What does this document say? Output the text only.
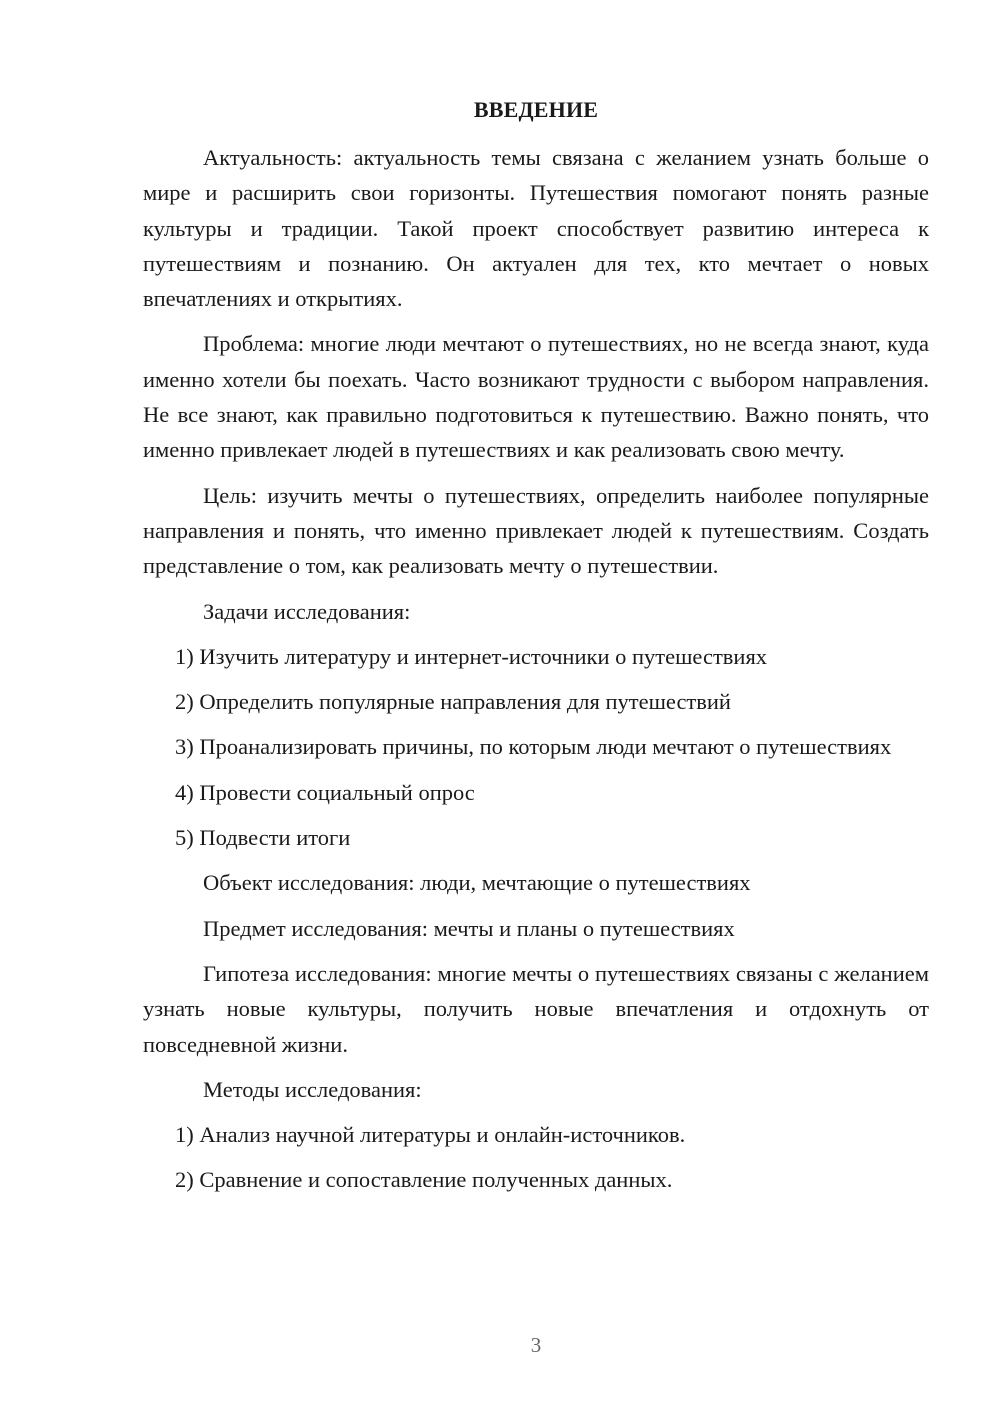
ВВЕДЕНИЕ

Актуальность: актуальность темы связана с желанием узнать больше о мире и расширить свои горизонты. Путешествия помогают понять разные культуры и традиции. Такой проект способствует развитию интереса к путешествиям и познанию. Он актуален для тех, кто мечтает о новых впечатлениях и открытиях.

Проблема: многие люди мечтают о путешествиях, но не всегда знают, куда именно хотели бы поехать. Часто возникают трудности с выбором направления. Не все знают, как правильно подготовиться к путешествию. Важно понять, что именно привлекает людей в путешествиях и как реализовать свою мечту.

Цель: изучить мечты о путешествиях, определить наиболее популярные направления и понять, что именно привлекает людей к путешествиям. Создать представление о том, как реализовать мечту о путешествии.

Задачи исследования:
1) Изучить литературу и интернет-источники о путешествиях
2) Определить популярные направления для путешествий
3) Проанализировать причины, по которым люди мечтают о путешествиях
4) Провести социальный опрос
5) Подвести итоги
Объект исследования: люди, мечтающие о путешествиях
Предмет исследования: мечты и планы о путешествиях

Гипотеза исследования: многие мечты о путешествиях связаны с желанием узнать новые культуры, получить новые впечатления и отдохнуть от повседневной жизни.

Методы исследования:
1) Анализ научной литературы и онлайн-источников.
2) Сравнение и сопоставление полученных данных.
3
